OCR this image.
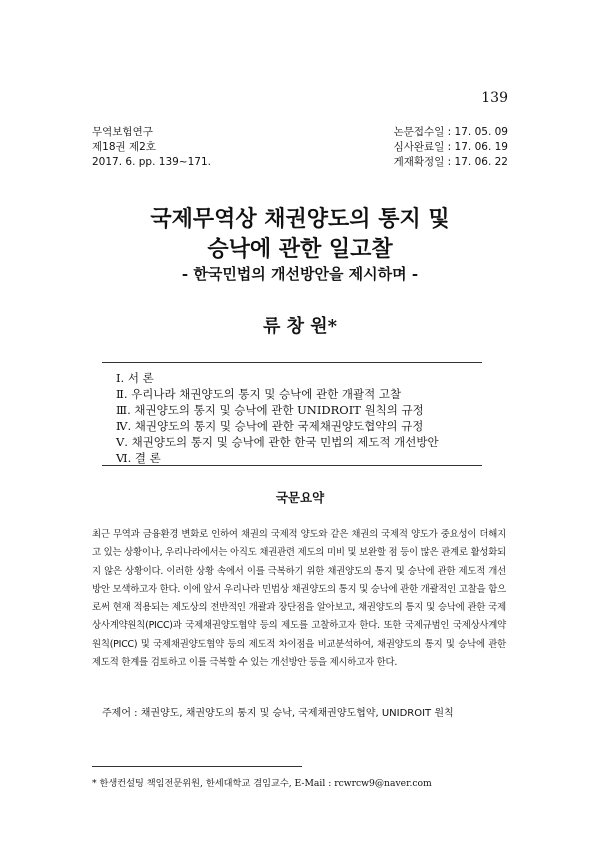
139
무역보험연구
제18권 제2호
2017. 6. pp. 139~171.
논문접수일 : 17. 05. 09
심사완료일 : 17. 06. 19
게재확정일 : 17. 06. 22
국제무역상 채권양도의 통지 및
승낙에 관한 일고찰
- 한국민법의 개선방안을 제시하며 -
류 창 원*
Ⅰ. 서 론
Ⅱ. 우리나라 채권양도의 통지 및 승낙에 관한 개괄적 고찰
Ⅲ. 채권양도의 통지 및 승낙에 관한 UNIDROIT 원칙의 규정
Ⅳ. 채권양도의 통지 및 승낙에 관한 국제채권양도협약의 규정
Ⅴ. 채권양도의 통지 및 승낙에 관한 한국 민법의 제도적 개선방안
Ⅵ. 결 론
국문요약

최근 무역과 금융환경 변화로 인하여 채권의 국제적 양도와 같은 채권의 국제적 양도가 중요성이 더해지고 있는 상황이나, 우리나라에서는 아직도 채권관련 제도의 미비 및 보완할 점 등이 많은 관계로 활성화되지 않은 상황이다. 이러한 상황 속에서 이를 극복하기 위한 채권양도의 통지 및 승낙에 관한 제도적 개선방안 모색하고자 한다. 이에 앞서 우리나라 민법상 채권양도의 통지 및 승낙에 관한 개괄적인 고찰을 함으로써 현재 적용되는 제도상의 전반적인 개괄과 장단점을 알아보고, 채권양도의 통지 및 승낙에 관한 국제상사계약원칙(PICC)과 국제채권양도협약 등의 제도를 고찰하고자 한다. 또한 국제규범인 국제상사계약원칙(PICC) 및 국제채권양도협약 등의 제도적 차이점을 비교분석하여, 채권양도의 통지 및 승낙에 관한 제도적 한계를 검토하고 이를 극복할 수 있는 개선방안 등을 제시하고자 한다.

주제어 : 채권양도, 채권양도의 통지 및 승낙, 국제채권양도협약, UNIDROIT 원칙
* 한생컨설팅 책임전문위원, 한세대학교 겸임교수, E-Mail : rcwrcw9@naver.com
